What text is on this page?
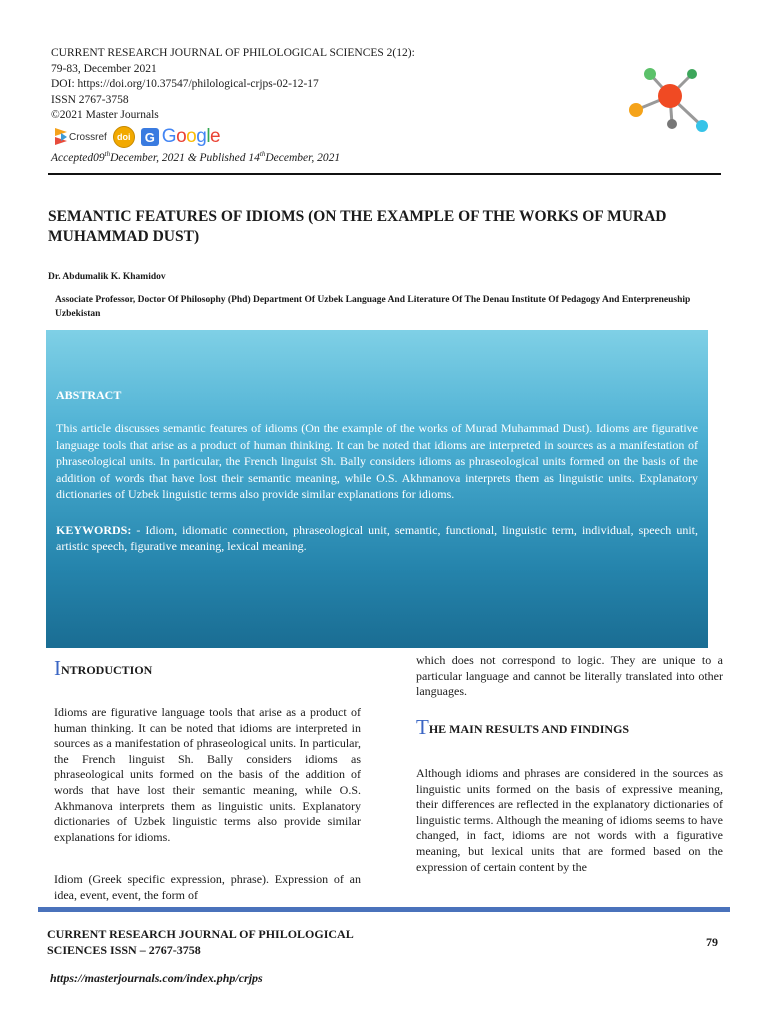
CURRENT RESEARCH JOURNAL OF PHILOLOGICAL SCIENCES 2(12):
79-83, December 2021
DOI: https://doi.org/10.37547/philological-crjps-02-12-17
ISSN 2767-3758
©2021 Master Journals
Crossref	doi	G Google
Accepted09thDecember, 2021 & Published 14thDecember, 2021
SEMANTIC FEATURES OF IDIOMS (ON THE EXAMPLE OF THE WORKS OF MURAD MUHAMMAD DUST)
Dr. Abdumalik K. Khamidov
Associate Professor, Doctor Of Philosophy (Phd) Department Of Uzbek Language And Literature Of The Denau Institute Of Pedagogy And Enterpreneuship Uzbekistan
ABSTRACT
This article discusses semantic features of idioms (On the example of the works of Murad Muhammad Dust). Idioms are figurative language tools that arise as a product of human thinking. It can be noted that idioms are interpreted in sources as a manifestation of phraseological units. In particular, the French linguist Sh. Bally considers idioms as phraseological units formed on the basis of the addition of words that have lost their semantic meaning, while O.S. Akhmanova interprets them as linguistic units. Explanatory dictionaries of Uzbek linguistic terms also provide similar explanations for idioms.
KEYWORDS: - Idiom, idiomatic connection, phraseological unit, semantic, functional, linguistic term, individual, speech unit, artistic speech, figurative meaning, lexical meaning.
INTRODUCTION
Idioms are figurative language tools that arise as a product of human thinking. It can be noted that idioms are interpreted in sources as a manifestation of phraseological units. In particular, the French linguist Sh. Bally considers idioms as phraseological units formed on the basis of the addition of words that have lost their semantic meaning, while O.S. Akhmanova interprets them as linguistic units. Explanatory dictionaries of Uzbek linguistic terms also provide similar explanations for idioms.
Idiom (Greek specific expression, phrase). Expression of an idea, event, event, the form of
which does not correspond to logic. They are unique to a particular language and cannot be literally translated into other languages.
THE MAIN RESULTS AND FINDINGS
Although idioms and phrases are considered in the sources as linguistic units formed on the basis of expressive meaning, their differences are reflected in the explanatory dictionaries of linguistic terms. Although the meaning of idioms seems to have changed, in fact, idioms are not words with a figurative meaning, but lexical units that are formed based on the expression of certain content by the
CURRENT RESEARCH JOURNAL OF PHILOLOGICAL
SCIENCES ISSN – 2767-3758
79
https://masterjournals.com/index.php/crjps
